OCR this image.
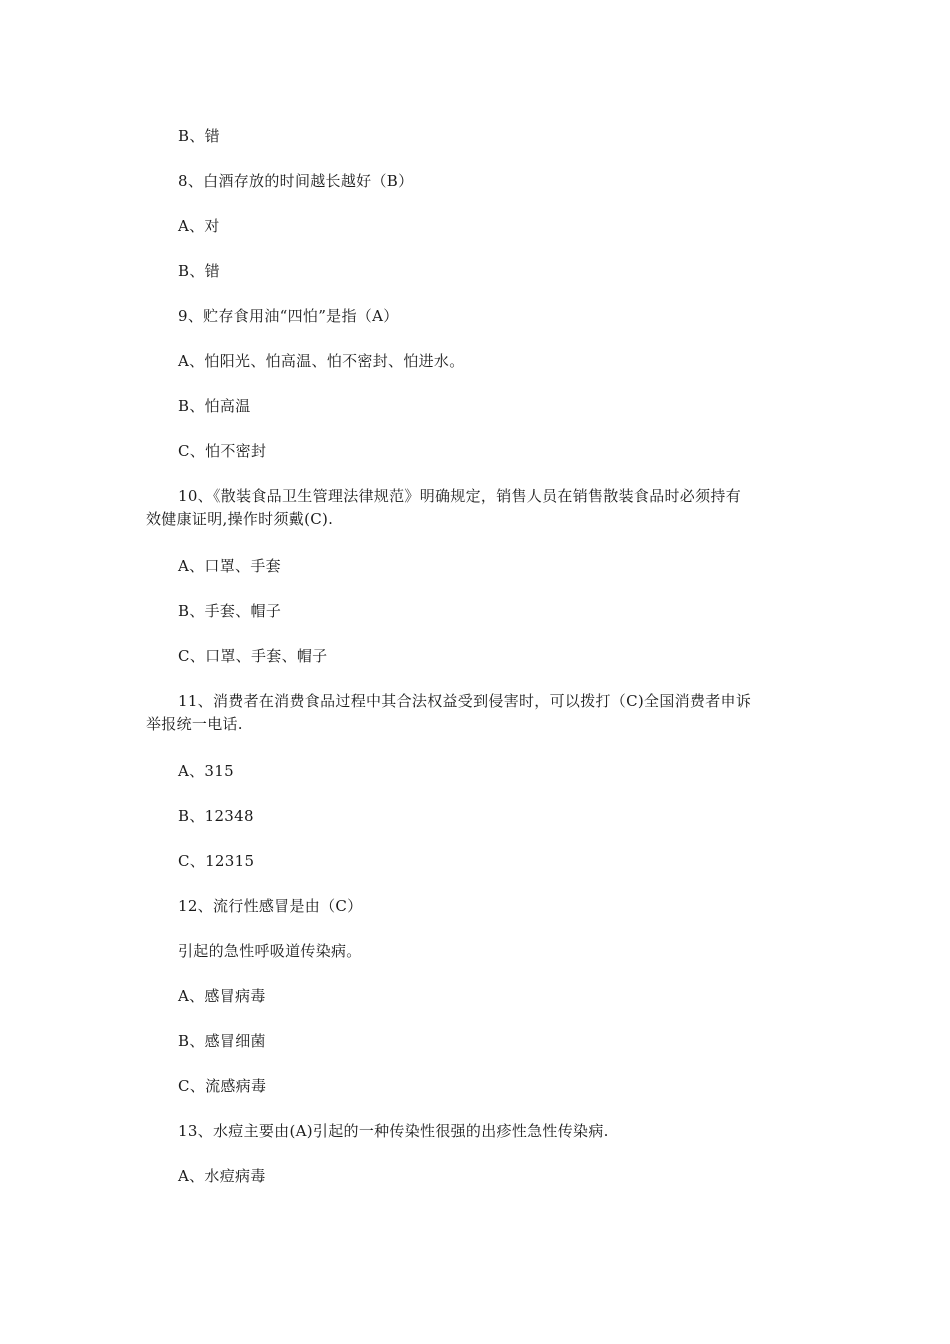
B、错
8、白酒存放的时间越长越好（B）
A、对
B、错
9、贮存食用油“四怕”是指（A）
A、怕阳光、怕高温、怕不密封、怕进水。
B、怕高温
C、怕不密封
10、《散装食品卫生管理法律规范》明确规定，销售人员在销售散装食品时必须持有
效健康证明,操作时须戴(C).
A、口罩、手套
B、手套、帽子
C、口罩、手套、帽子
11、消费者在消费食品过程中其合法权益受到侵害时，可以拨打（C)全国消费者申诉
举报统一电话.
A、315
B、12348
C、12315
12、流行性感冒是由（C）
引起的急性呼吸道传染病。
A、感冒病毒
B、感冒细菌
C、流感病毒
13、水痘主要由(A)引起的一种传染性很强的出疹性急性传染病.
A、水痘病毒
